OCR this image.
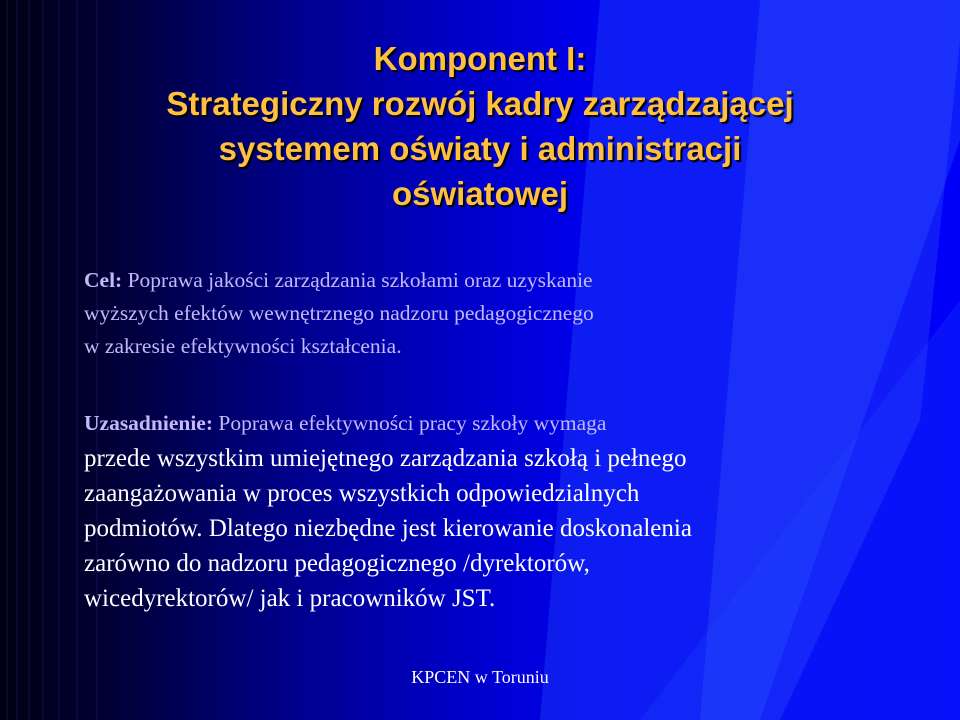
Komponent I:
Strategiczny rozwój kadry zarządzającej
systemem oświaty i administracji
oświatowej
Cel: Poprawa jakości zarządzania szkołami oraz uzyskanie
wyższych efektów wewnętrznego nadzoru pedagogicznego
w zakresie efektywności kształcenia.
Uzasadnienie: Poprawa efektywności pracy szkoły wymaga
przede wszystkim umiejętnego zarządzania szkołą i pełnego
zaangażowania w proces wszystkich odpowiedzialnych
podmiotów. Dlatego niezbędne jest kierowanie doskonalenia
zarówno do nadzoru pedagogicznego /dyrektorów,
wicedyrektorów/ jak i pracowników JST.
KPCEN w Toruniu
